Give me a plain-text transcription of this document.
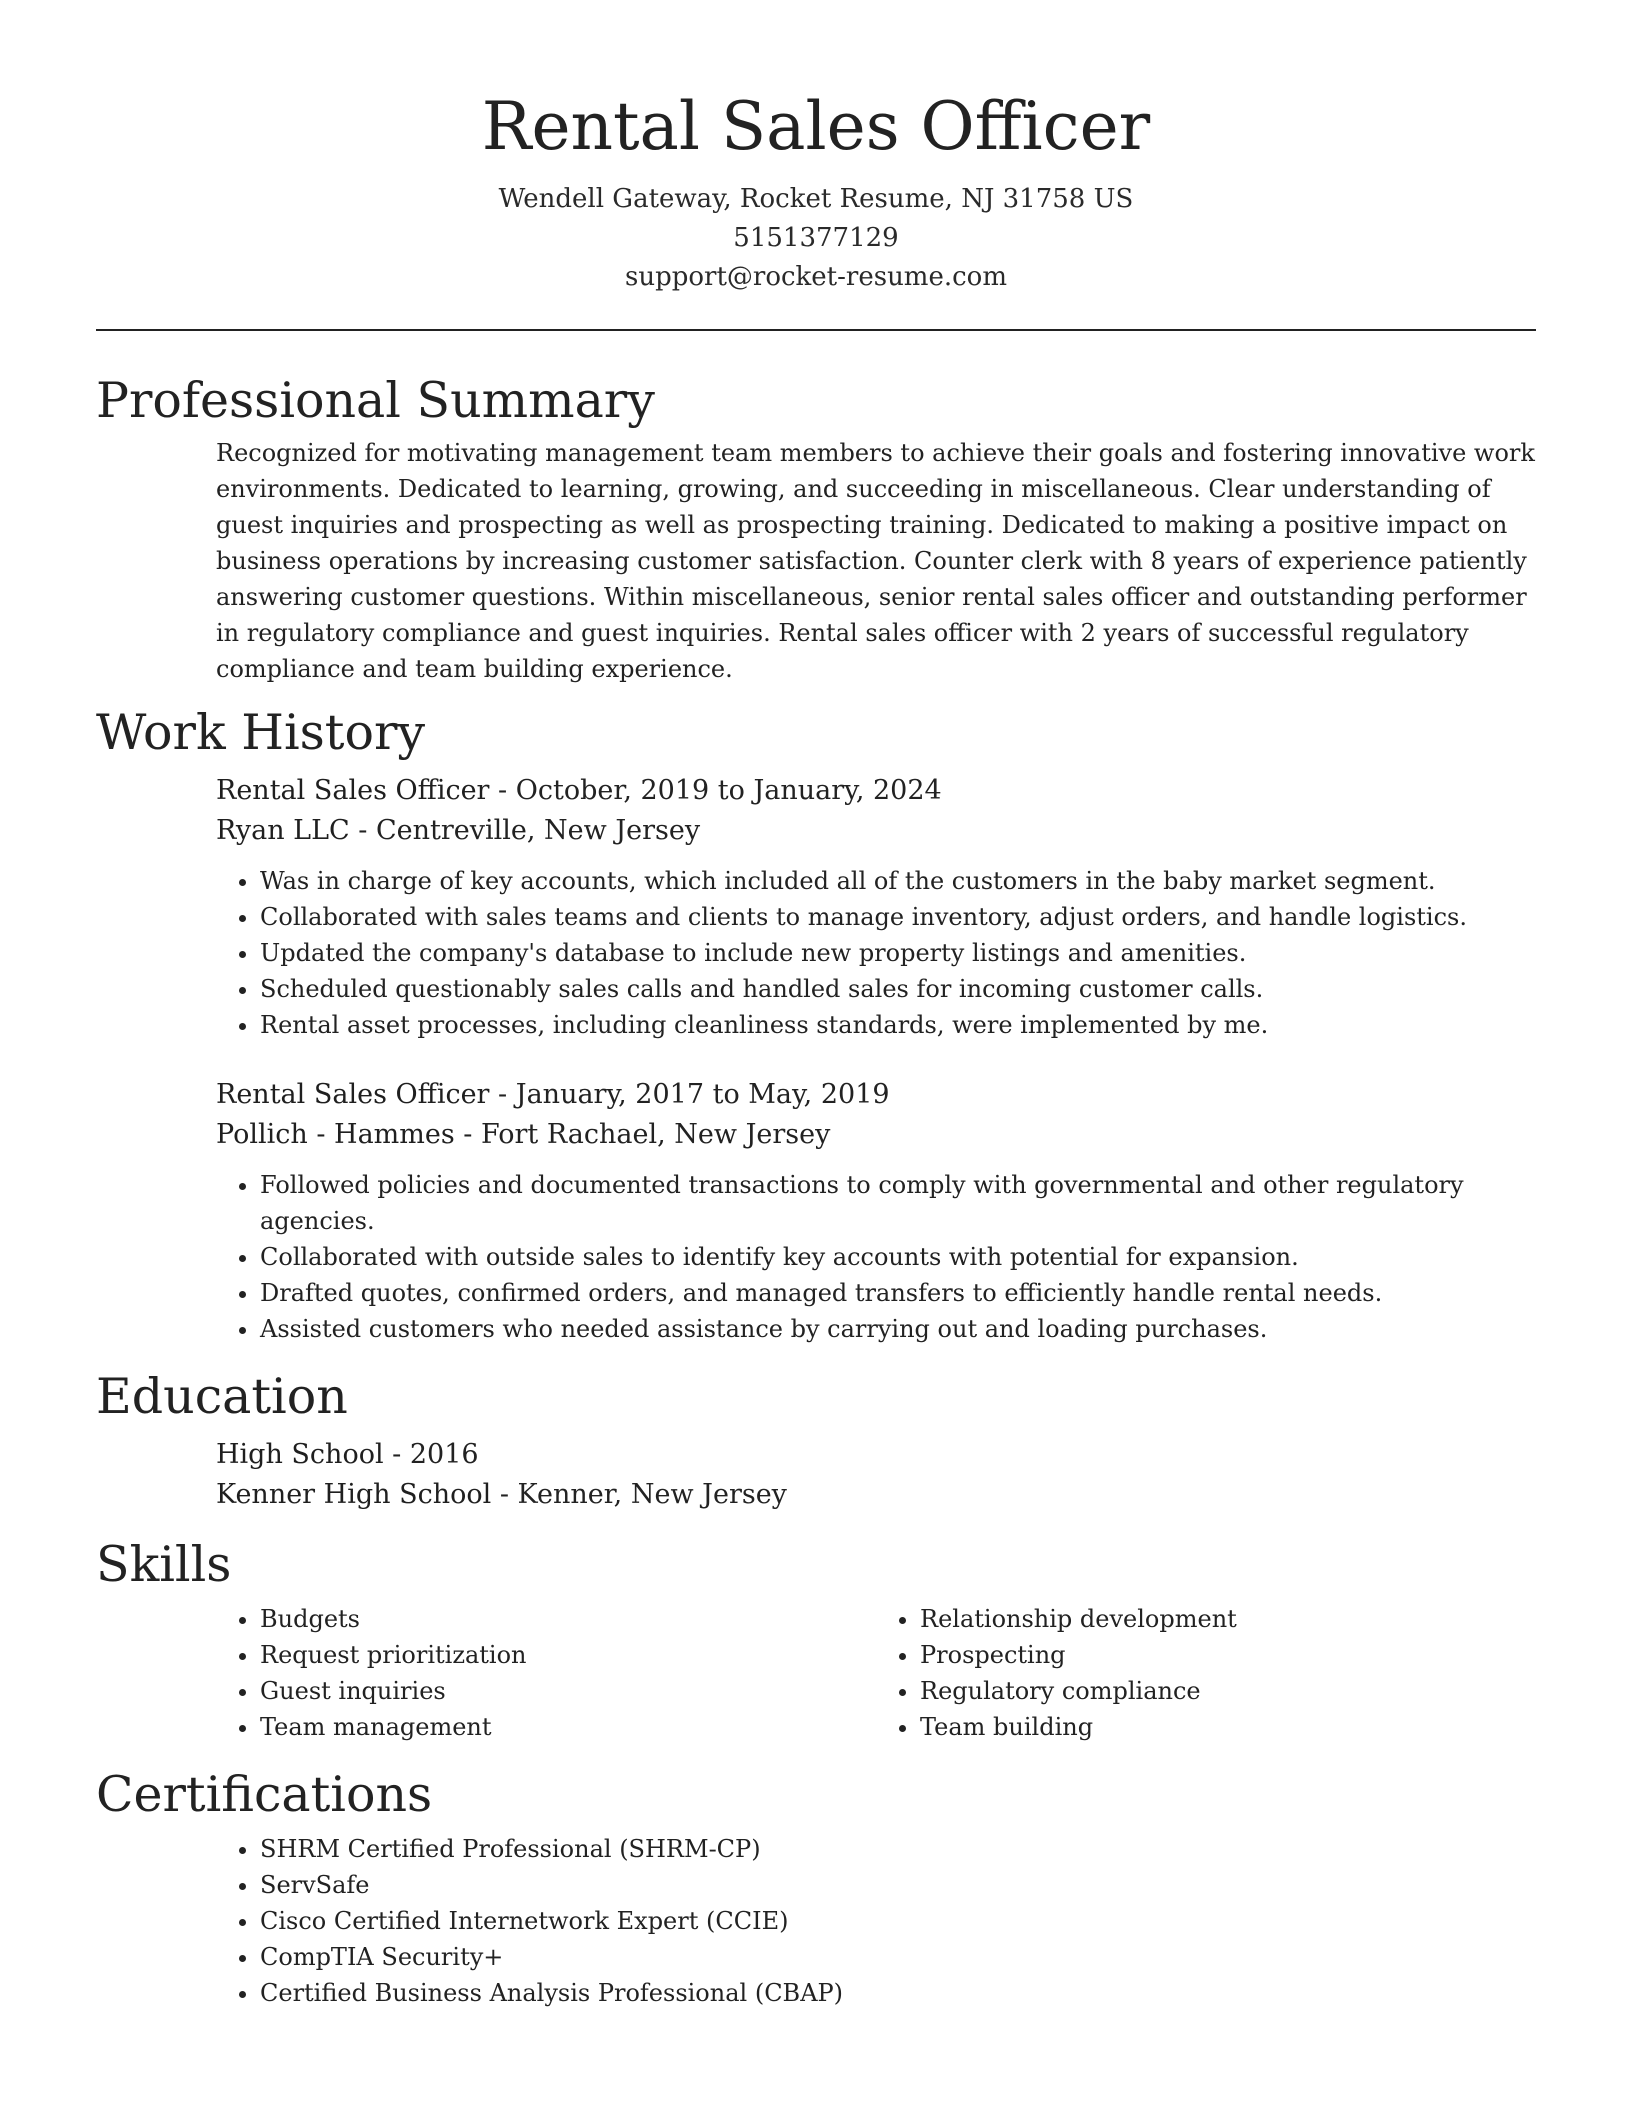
Rental Sales Officer
Wendell Gateway, Rocket Resume, NJ 31758 US
5151377129
support@rocket-resume.com
Professional Summary

Recognized for motivating management team members to achieve their goals and fostering innovative work environments. Dedicated to learning, growing, and succeeding in miscellaneous. Clear understanding of guest inquiries and prospecting as well as prospecting training. Dedicated to making a positive impact on business operations by increasing customer satisfaction. Counter clerk with 8 years of experience patiently answering customer questions. Within miscellaneous, senior rental sales officer and outstanding performer in regulatory compliance and guest inquiries. Rental sales officer with 2 years of successful regulatory compliance and team building experience.

Work History
Rental Sales Officer - October, 2019 to January, 2024
Ryan LLC - Centreville, New Jersey
• Was in charge of key accounts, which included all of the customers in the baby market segment.
• Collaborated with sales teams and clients to manage inventory, adjust orders, and handle logistics.
• Updated the company's database to include new property listings and amenities.
• Scheduled questionably sales calls and handled sales for incoming customer calls.
• Rental asset processes, including cleanliness standards, were implemented by me.
Rental Sales Officer - January, 2017 to May, 2019
Pollich - Hammes - Fort Rachael, New Jersey
• Followed policies and documented transactions to comply with governmental and other regulatory agencies.
• Collaborated with outside sales to identify key accounts with potential for expansion.
• Drafted quotes, confirmed orders, and managed transfers to efficiently handle rental needs.
• Assisted customers who needed assistance by carrying out and loading purchases.
Education
High School - 2016
Kenner High School - Kenner, New Jersey
Skills
• Budgets
• Request prioritization
• Guest inquiries
• Team management
• Relationship development
• Prospecting
• Regulatory compliance
• Team building
Certifications
• SHRM Certified Professional (SHRM-CP)
• ServSafe
• Cisco Certified Internetwork Expert (CCIE)
• CompTIA Security+
• Certified Business Analysis Professional (CBAP)
